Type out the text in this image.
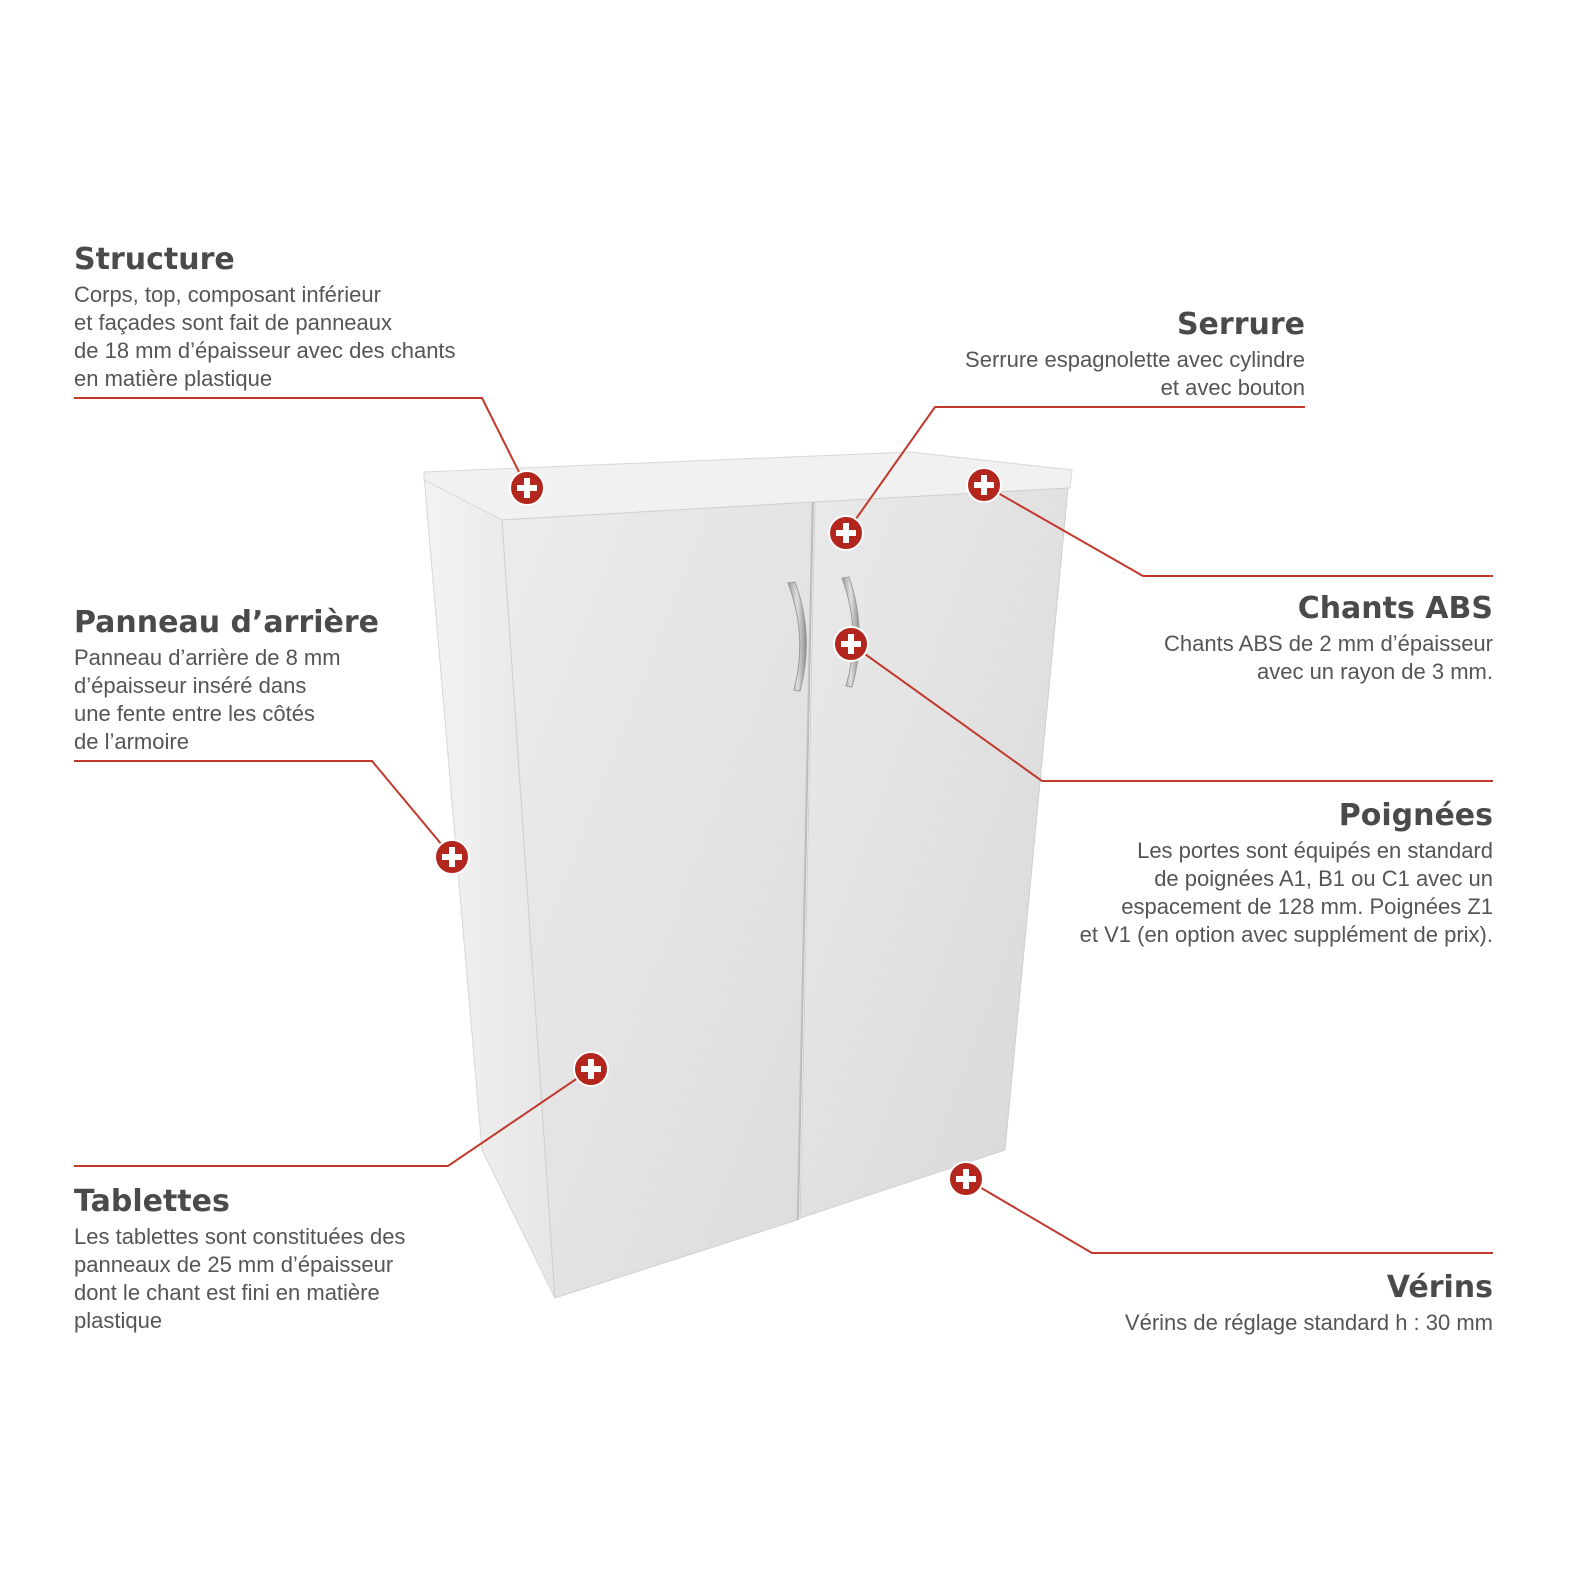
Structure
Corps, top, composant inférieur
et façades sont fait de panneaux
de 18 mm d’épaisseur avec des chants
en matière plastique
Serrure
Serrure espagnolette avec cylindre
et avec bouton
Chants ABS
Chants ABS de 2 mm d’épaisseur
avec un rayon de 3 mm.
Panneau d’arrière
Panneau d’arrière de 8 mm
d’épaisseur inséré dans
une fente entre les côtés
de l’armoire
Poignées
Les portes sont équipés en standard
de poignées A1, B1 ou C1 avec un
espacement de 128 mm. Poignées Z1
et V1 (en option avec supplément de prix).
Tablettes
Les tablettes sont constituées des
panneaux de 25 mm d’épaisseur
dont le chant est fini en matière
plastique
Vérins
Vérins de réglage standard h : 30 mm
